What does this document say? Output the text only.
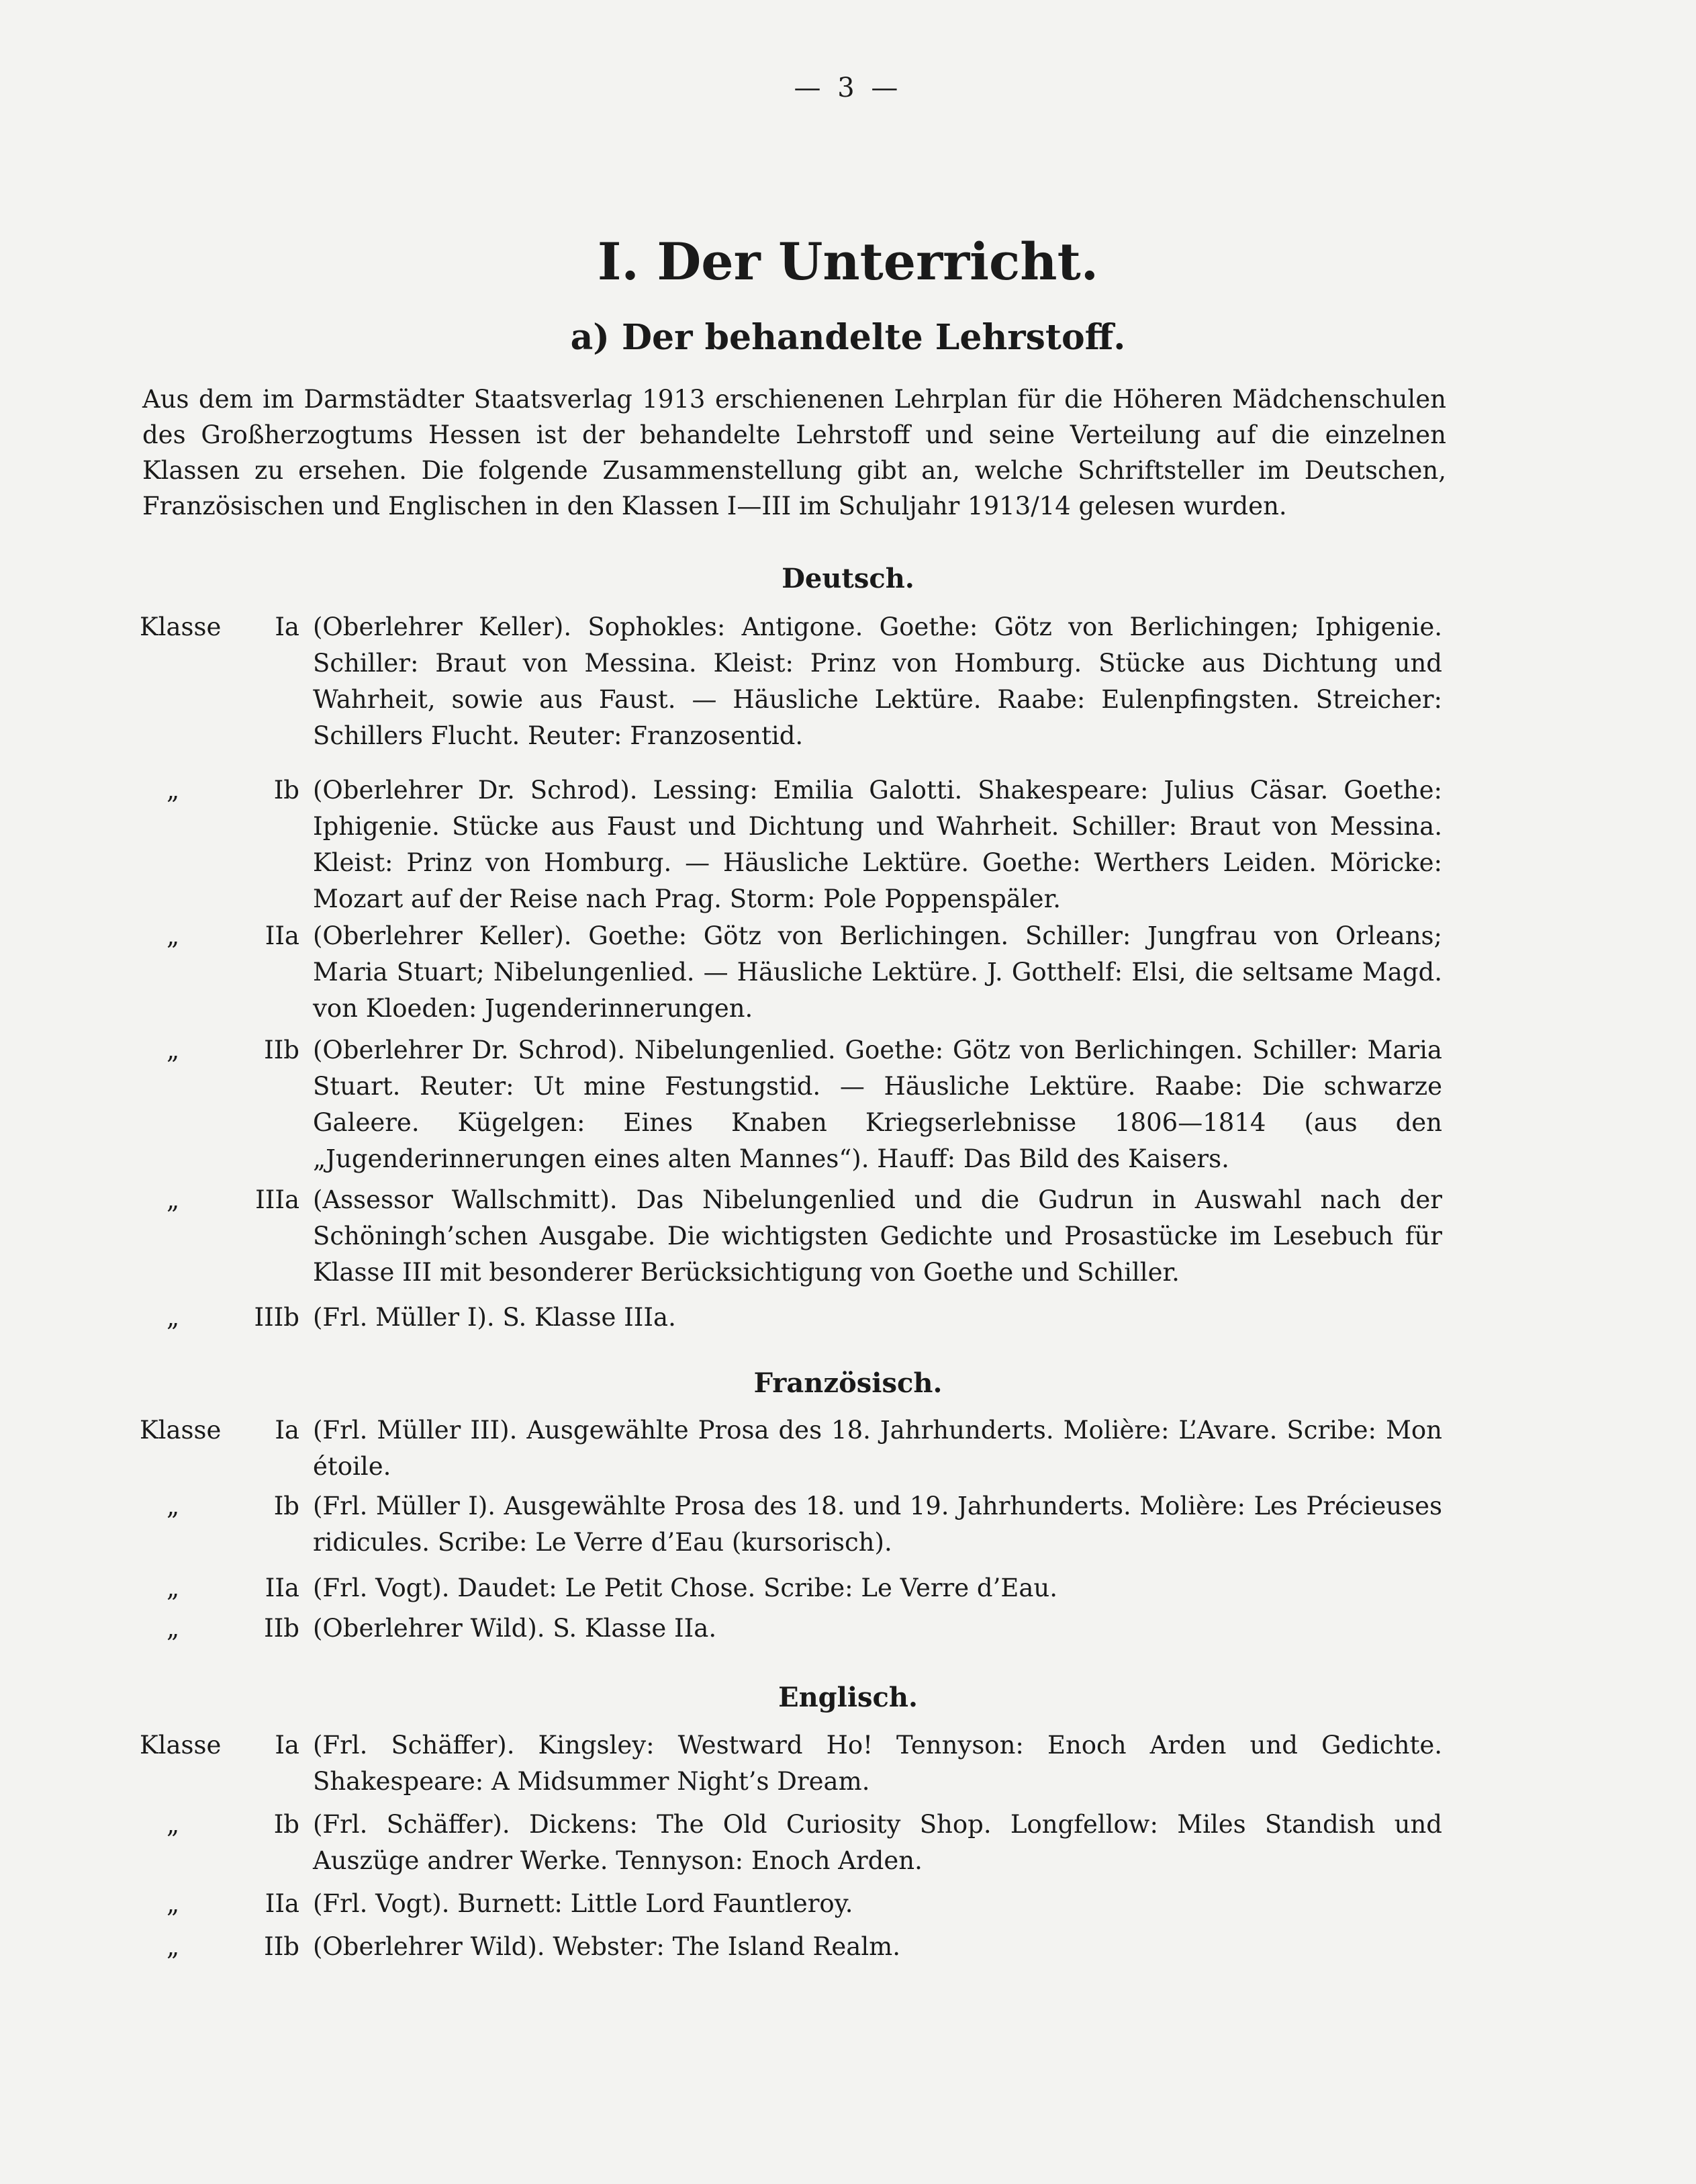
— 3 —
I. Der Unterricht.
a) Der behandelte Lehrstoff.
Aus dem im Darmstädter Staatsverlag 1913 erschienenen Lehrplan für die Höheren Mädchenschulen des Großherzogtums Hessen ist der behandelte Lehrstoff und seine Verteilung auf die einzelnen Klassen zu ersehen. Die folgende Zusammenstellung gibt an, welche Schriftsteller im Deutschen, Französischen und Englischen in den Klassen I—III im Schuljahr 1913/14 gelesen wurden.
Deutsch.
Klasse	Ia (Oberlehrer Keller). Sophokles: Antigone. Goethe: Götz von Berlichingen; Iphigenie. Schiller: Braut von Messina. Kleist: Prinz von Homburg. Stücke aus Dichtung und Wahrheit, sowie aus Faust. — Häusliche Lektüre. Raabe: Eulenpfingsten. Streicher: Schillers Flucht. Reuter: Franzosentid.
„	Ib (Oberlehrer Dr. Schrod). Lessing: Emilia Galotti. Shakespeare: Julius Cäsar. Goethe: Iphigenie. Stücke aus Faust und Dichtung und Wahrheit. Schiller: Braut von Messina. Kleist: Prinz von Homburg. — Häusliche Lektüre. Goethe: Werthers Leiden. Möricke: Mozart auf der Reise nach Prag. Storm: Pole Poppenspäler.
„	IIa (Oberlehrer Keller). Goethe: Götz von Berlichingen. Schiller: Jungfrau von Orleans; Maria Stuart; Nibelungenlied. — Häusliche Lektüre. J. Gotthelf: Elsi, die seltsame Magd. von Kloeden: Jugenderinnerungen.
„	IIb (Oberlehrer Dr. Schrod). Nibelungenlied. Goethe: Götz von Berlichingen. Schiller: Maria Stuart. Reuter: Ut mine Festungstid. — Häusliche Lektüre. Raabe: Die schwarze Galeere. Kügelgen: Eines Knaben Kriegserlebnisse 1806—1814 (aus den „Jugenderinnerungen eines alten Mannes“). Hauff: Das Bild des Kaisers.
„	IIIa (Assessor Wallschmitt). Das Nibelungenlied und die Gudrun in Auswahl nach der Schöningh’schen Ausgabe. Die wichtigsten Gedichte und Prosastücke im Lesebuch für Klasse III mit besonderer Berücksichtigung von Goethe und Schiller.
„	IIIb (Frl. Müller I). S. Klasse IIIa.
Französisch.
Klasse	Ia (Frl. Müller III). Ausgewählte Prosa des 18. Jahrhunderts. Molière: L’Avare. Scribe: Mon étoile.
„	Ib (Frl. Müller I). Ausgewählte Prosa des 18. und 19. Jahrhunderts. Molière: Les Précieuses ridicules. Scribe: Le Verre d’Eau (kursorisch).
„	IIa (Frl. Vogt). Daudet: Le Petit Chose. Scribe: Le Verre d’Eau.
„	IIb (Oberlehrer Wild). S. Klasse IIa.
Englisch.
Klasse	Ia (Frl. Schäffer). Kingsley: Westward Ho! Tennyson: Enoch Arden und Gedichte. Shakespeare: A Midsummer Night’s Dream.
„	Ib (Frl. Schäffer). Dickens: The Old Curiosity Shop. Longfellow: Miles Standish und Auszüge andrer Werke. Tennyson: Enoch Arden.
„	IIa (Frl. Vogt). Burnett: Little Lord Fauntleroy.
„	IIb (Oberlehrer Wild). Webster: The Island Realm.
